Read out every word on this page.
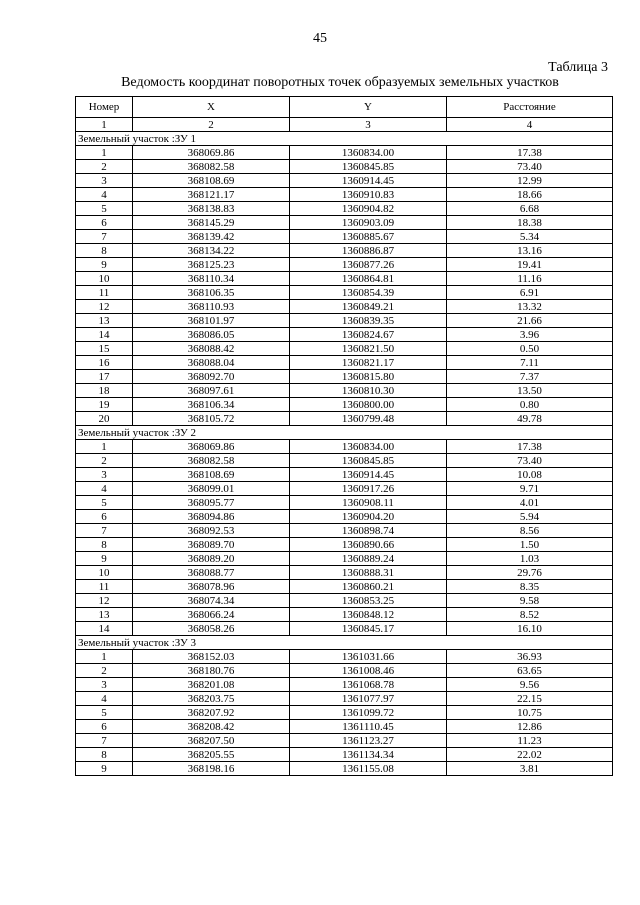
45
Таблица 3
Ведомость координат поворотных точек образуемых земельных участков
Номер	X	Y	Расстояние
1	2	3	4
Земельный участок :ЗУ 1			
1	368069.86	1360834.00	17.38
2	368082.58	1360845.85	73.40
3	368108.69	1360914.45	12.99
4	368121.17	1360910.83	18.66
5	368138.83	1360904.82	6.68
6	368145.29	1360903.09	18.38
7	368139.42	1360885.67	5.34
8	368134.22	1360886.87	13.16
9	368125.23	1360877.26	19.41
10	368110.34	1360864.81	11.16
11	368106.35	1360854.39	6.91
12	368110.93	1360849.21	13.32
13	368101.97	1360839.35	21.66
14	368086.05	1360824.67	3.96
15	368088.42	1360821.50	0.50
16	368088.04	1360821.17	7.11
17	368092.70	1360815.80	7.37
18	368097.61	1360810.30	13.50
19	368106.34	1360800.00	0.80
20	368105.72	1360799.48	49.78
Земельный участок :ЗУ 2			
1	368069.86	1360834.00	17.38
2	368082.58	1360845.85	73.40
3	368108.69	1360914.45	10.08
4	368099.01	1360917.26	9.71
5	368095.77	1360908.11	4.01
6	368094.86	1360904.20	5.94
7	368092.53	1360898.74	8.56
8	368089.70	1360890.66	1.50
9	368089.20	1360889.24	1.03
10	368088.77	1360888.31	29.76
11	368078.96	1360860.21	8.35
12	368074.34	1360853.25	9.58
13	368066.24	1360848.12	8.52
14	368058.26	1360845.17	16.10
Земельный участок :ЗУ 3			
1	368152.03	1361031.66	36.93
2	368180.76	1361008.46	63.65
3	368201.08	1361068.78	9.56
4	368203.75	1361077.97	22.15
5	368207.92	1361099.72	10.75
6	368208.42	1361110.45	12.86
7	368207.50	1361123.27	11.23
8	368205.55	1361134.34	22.02
9	368198.16	1361155.08	3.81
